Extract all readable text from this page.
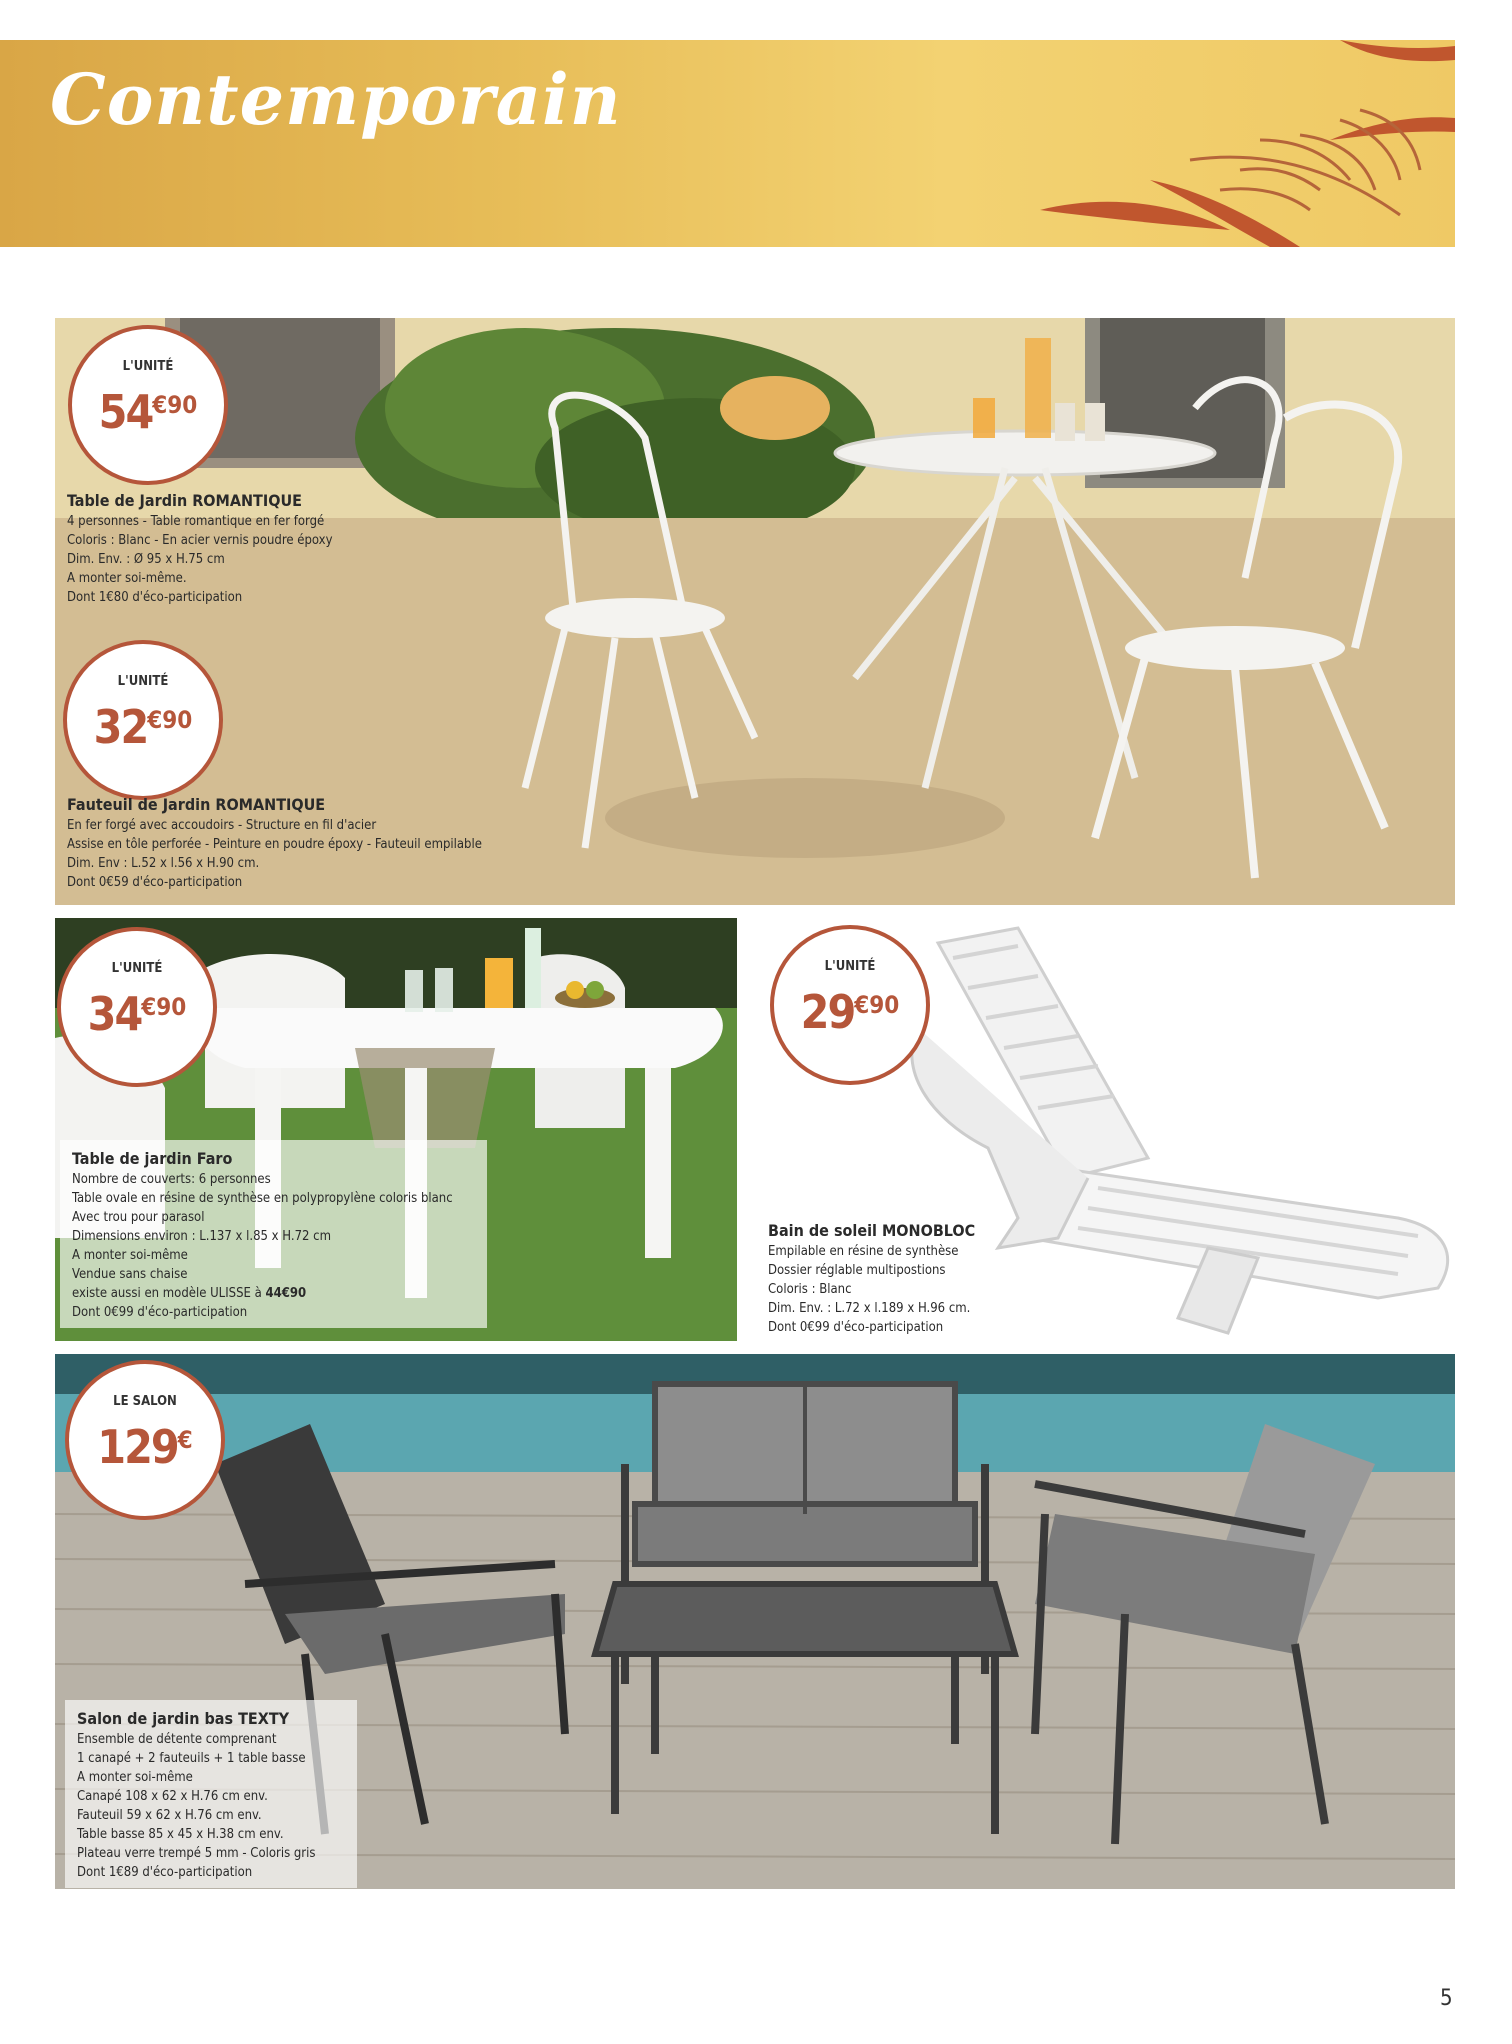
Contemporain
L'UNITÉ
$54^{€90}$
Table de Jardin ROMANTIQUE
4 personnes - Table romantique en fer forgé
Coloris : Blanc - En acier vernis poudre époxy
Dim. Env. : Ø 95 x H.75 cm
A monter soi-même.
Dont 1€80 d'éco-participation
L'UNITÉ
$32^{€90}$
Fauteuil de Jardin ROMANTIQUE
En fer forgé avec accoudoirs - Structure en fil d'acier
Assise en tôle perforée - Peinture en poudre époxy - Fauteuil empilable
Dim. Env : L.52 x l.56 x H.90 cm.
Dont 0€59 d'éco-participation
L'UNITÉ
$34^{€90}$
Table de jardin Faro
Nombre de couverts: 6 personnes
Table ovale en résine de synthèse en polypropylène coloris blanc
Avec trou pour parasol
Dimensions environ : L.137 x l.85 x H.72 cm
A monter soi-même
Vendue sans chaise
existe aussi en modèle ULISSE à 44€90
Dont 0€99 d'éco-participation
L'UNITÉ
$29^{€90}$
Bain de soleil MONOBLOC
Empilable en résine de synthèse
Dossier réglable multipostions
Coloris : Blanc
Dim. Env. : L.72 x l.189 x H.96 cm.
Dont 0€99 d'éco-participation
LE SALON
129€
Salon de jardin bas TEXTY
Ensemble de détente comprenant
1 canapé + 2 fauteuils + 1 table basse
A monter soi-même
Canapé 108 x 62 x H.76 cm env.
Fauteuil 59 x 62 x H.76 cm env.
Table basse 85 x 45 x H.38 cm env.
Plateau verre trempé 5 mm - Coloris gris
Dont 1€89 d'éco-participation
5
